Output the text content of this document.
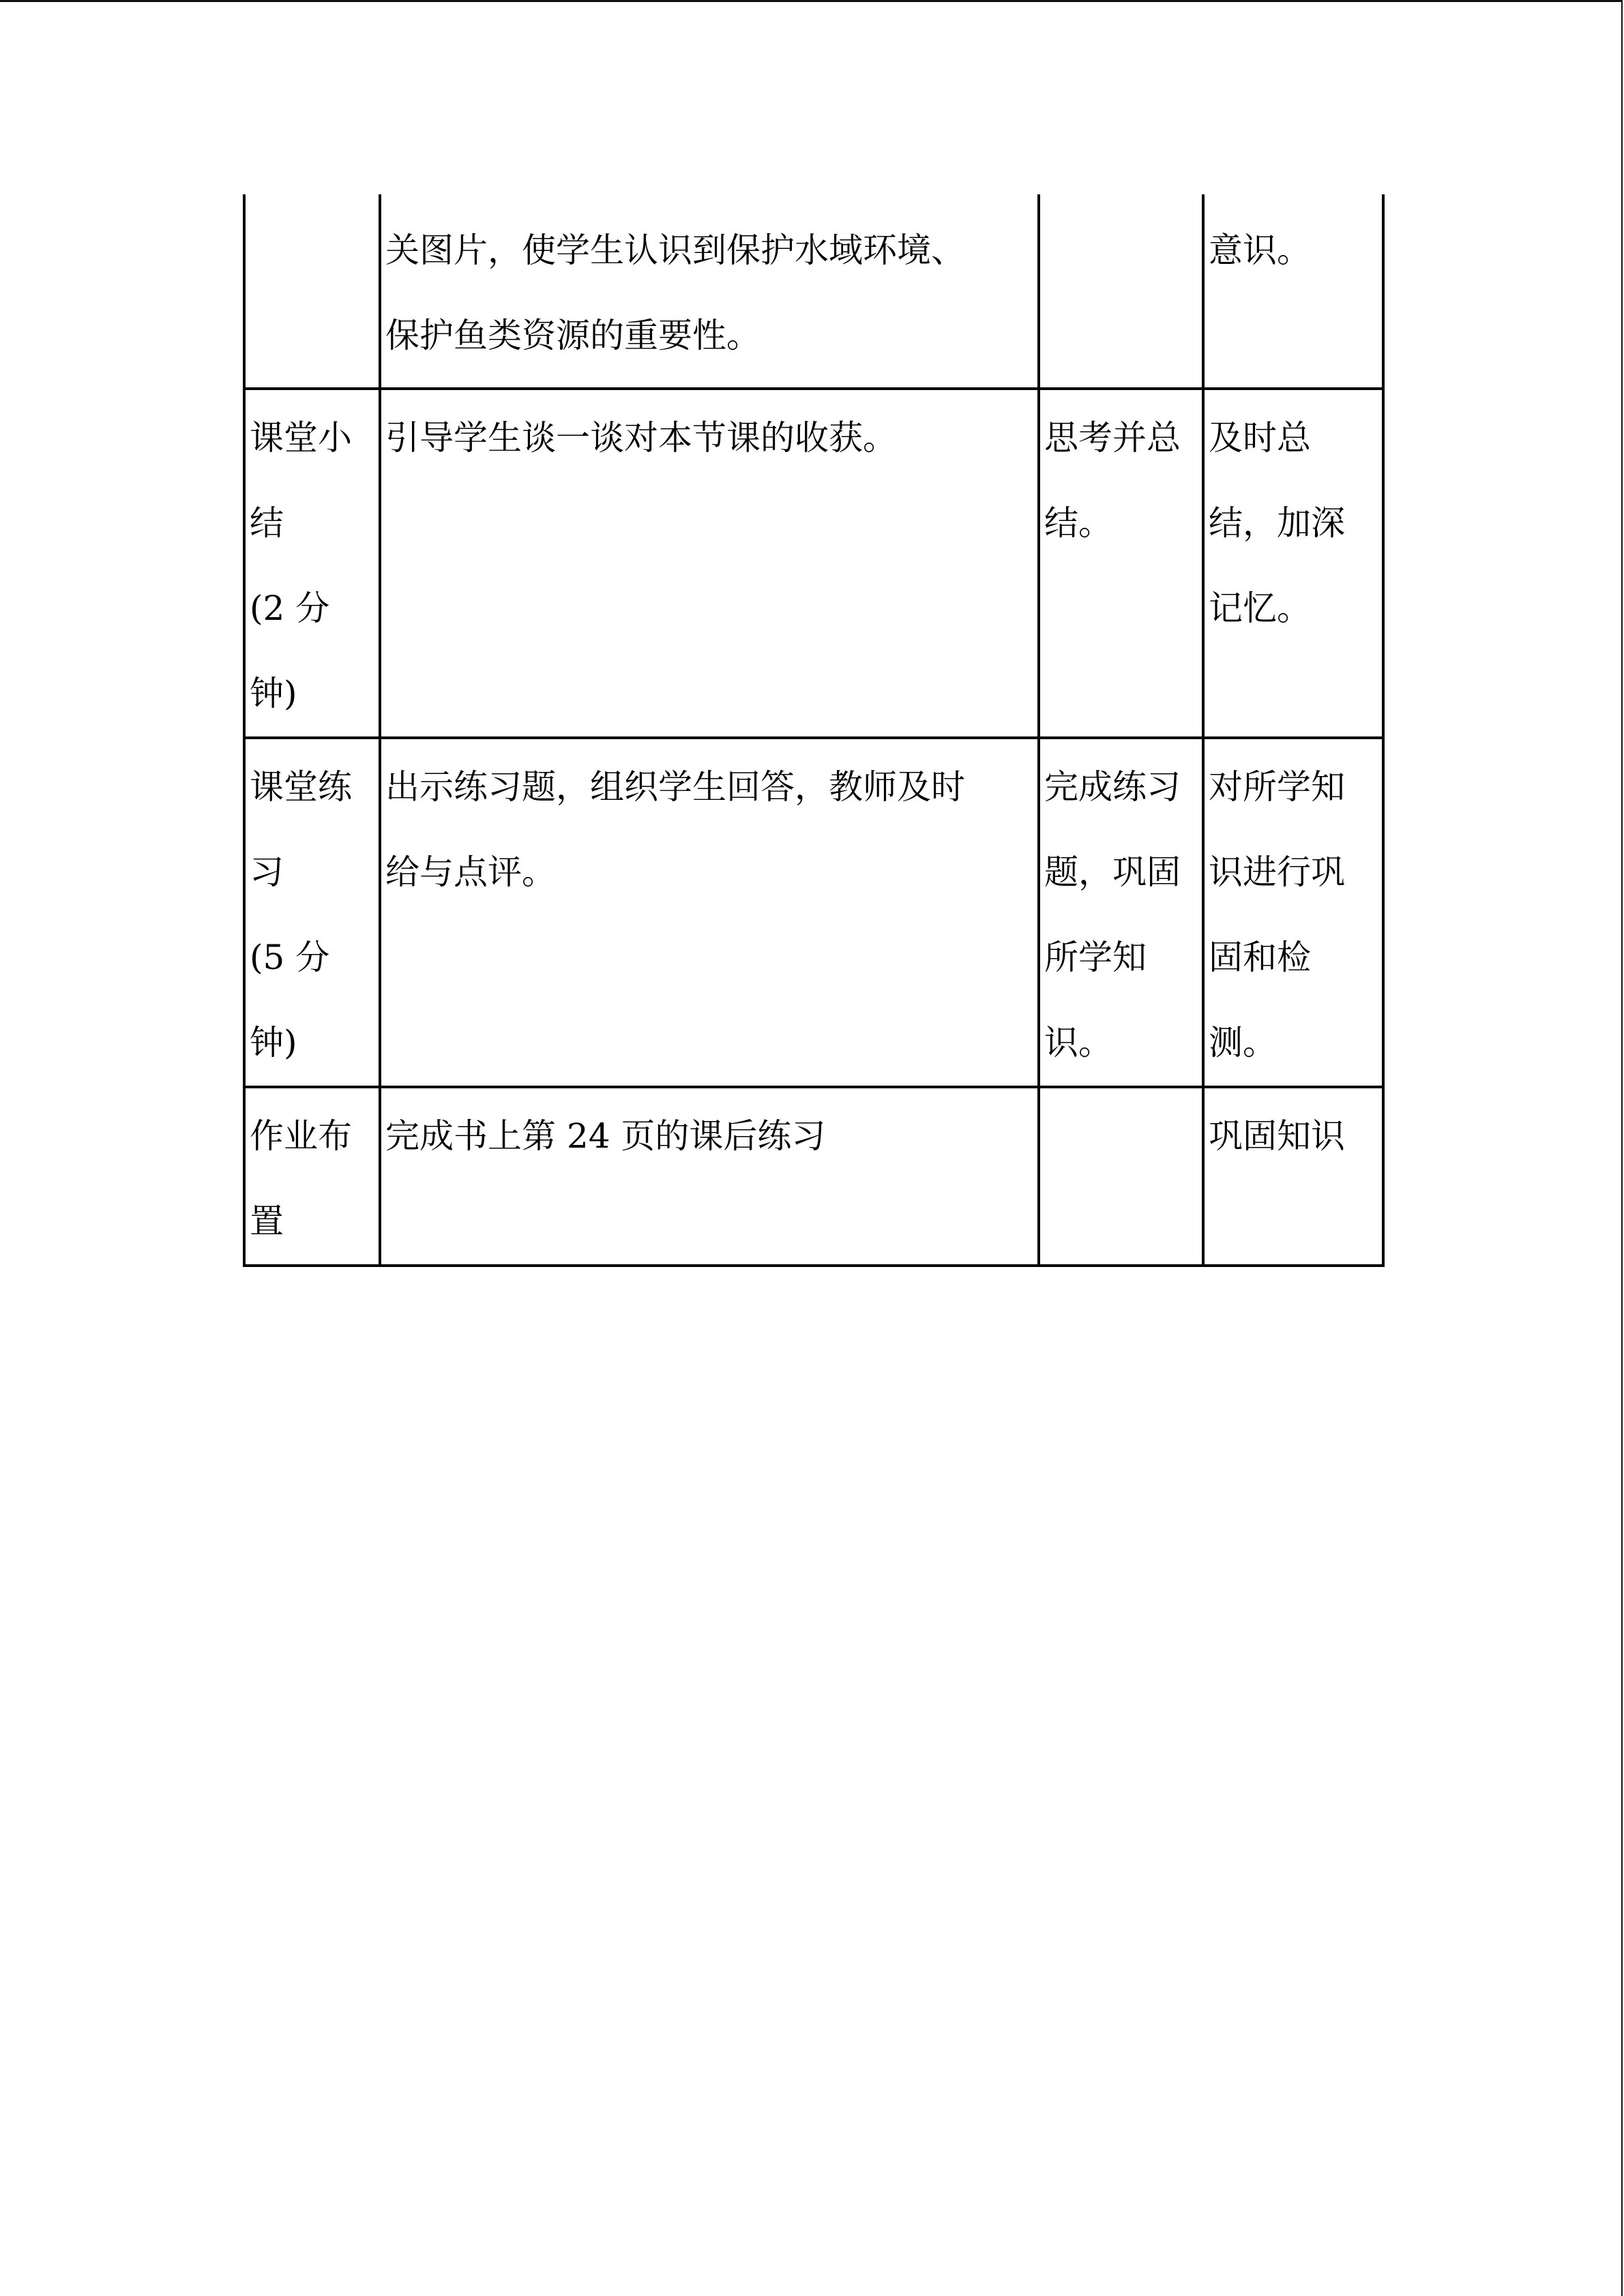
	关图片，使学生认识到保护水域环境、
保护鱼类资源的重要性。		意识。

课堂小
结
(2 分
钟)	引导学生谈一谈对本节课的收获。	思考并总
结。	及时总
结，加深
记忆。

课堂练
习
(5 分
钟)	出示练习题，组织学生回答，教师及时
给与点评。	完成练习
题，巩固
所学知
识。	对所学知
识进行巩
固和检
测。

作业布
置	完成书上第 24 页的课后练习		巩固知识
